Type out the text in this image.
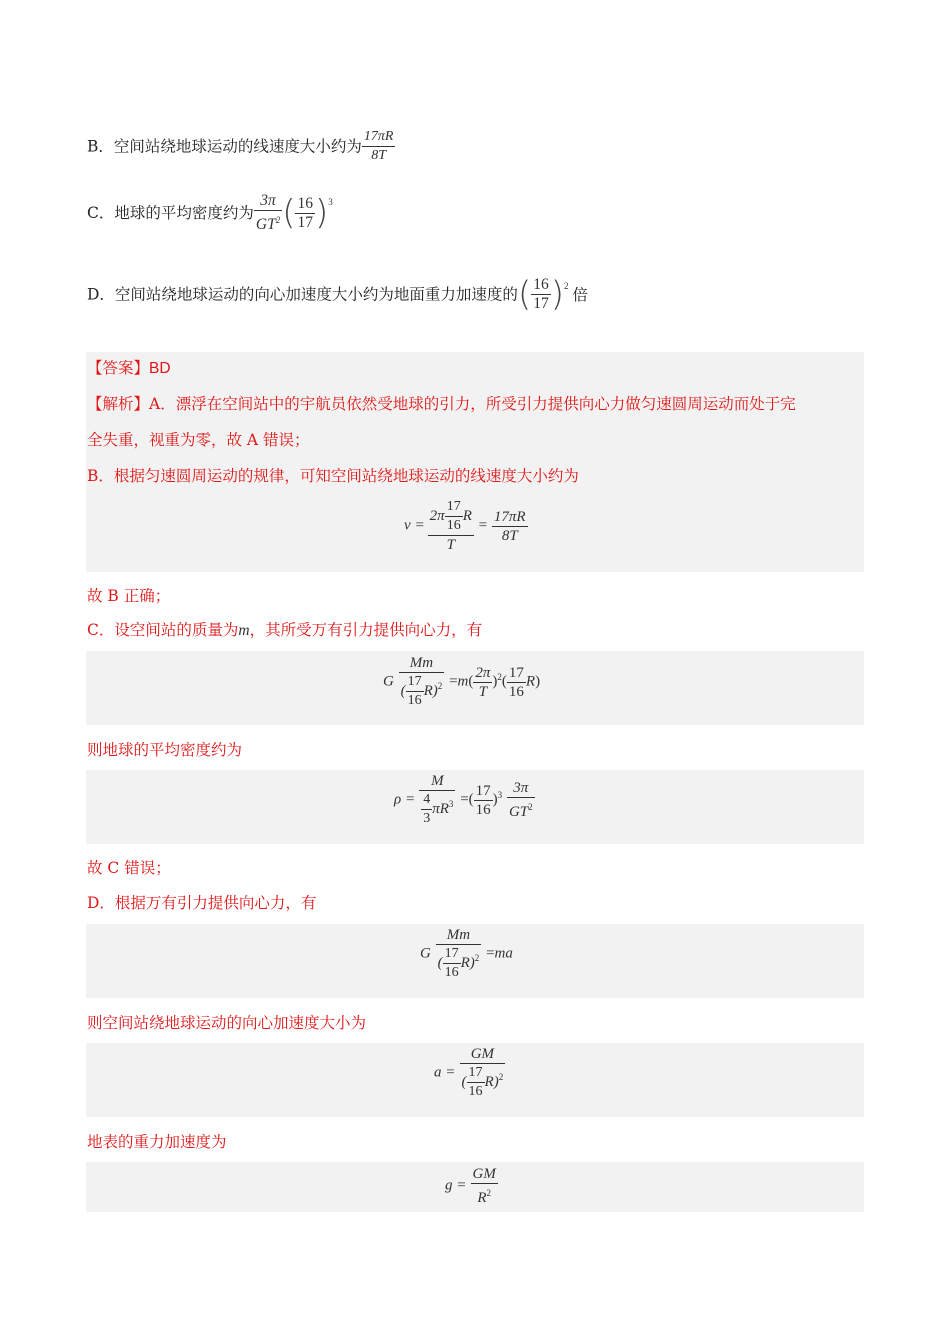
B．空间站绕地球运动的线速度大小约为 $\frac{17\pi R}{8T}$
C．地球的平均密度约为 $\frac{3\pi}{GT^2}$ ( $\frac{16}{17} )^3$
D．空间站绕地球运动的向心加速度大小约为地面重力加速度的( $\frac{16}{17} )^2$ 倍
【答案】BD
【解析】A．漂浮在空间站中的宇航员依然受地球的引力，所受引力提供向心力做匀速圆周运动而处于完
全失重，视重为零，故 A 错误；
B．根据匀速圆周运动的规律，可知空间站绕地球运动的线速度大小约为
$v = \frac{2\pi \frac{17}{16} R}{T} = \frac{17\pi R}{8T}$
故 B 正确；
C．设空间站的质量为m，其所受万有引力提供向心力，有
G $\frac{Mm}{( \frac{17}{16} R)^2} =m( \frac{2\pi}{T} )^2( \frac{17}{16} R)$
则地球的平均密度约为
$\rho = \frac{M}{\frac{4}{3} \pi R^3}$ =( $\frac{17}{16} )^3 \frac{3\pi}{GT^2}$
故 C 错误；
D．根据万有引力提供向心力，有
G $\frac{Mm}{( \frac{17}{16} R)^2} =ma$
则空间站绕地球运动的向心加速度大小为
$a = \frac{GM}{( \frac{17}{16} R)^2}$
地表的重力加速度为
$g = \frac{GM}{R^2}$
